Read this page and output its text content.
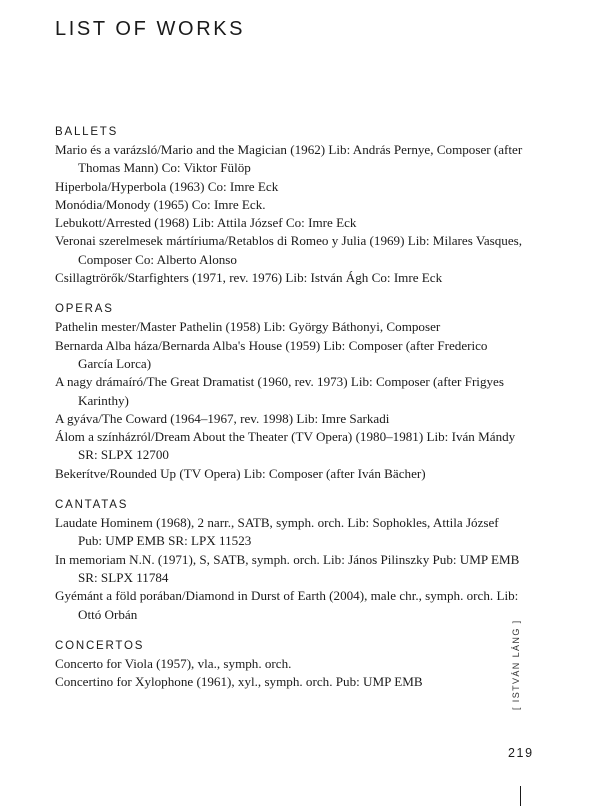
LIST OF WORKS
BALLETS

Mario és a varázsló/Mario and the Magician (1962) Lib: András Pernye, Composer (after Thomas Mann) Co: Viktor Fülöp

Hiperbola/Hyperbola (1963) Co: Imre Eck

Monódia/Monody (1965) Co: Imre Eck.

Lebukott/Arrested (1968) Lib: Attila József Co: Imre Eck

Veronai szerelmesek mártíriuma/Retablos di Romeo y Julia (1969) Lib: Milares Vasques, Composer Co: Alberto Alonso

Csillagtrörők/Starfighters (1971, rev. 1976) Lib: István Ágh Co: Imre Eck

OPERAS

Pathelin mester/Master Pathelin (1958) Lib: György Báthonyi, Composer

Bernarda Alba háza/Bernarda Alba's House (1959) Lib: Composer (after Frederico García Lorca)

A nagy drámaíró/The Great Dramatist (1960, rev. 1973) Lib: Composer (after Frigyes Karinthy)

A gyáva/The Coward (1964–1967, rev. 1998) Lib: Imre Sarkadi

Álom a színházról/Dream About the Theater (TV Opera) (1980–1981) Lib: Iván Mándy SR: SLPX 12700

Bekerítve/Rounded Up (TV Opera) Lib: Composer (after Iván Bächer)

CANTATAS

Laudate Hominem (1968), 2 narr., SATB, symph. orch. Lib: Sophokles, Attila József Pub: UMP EMB SR: LPX 11523

In memoriam N.N. (1971), S, SATB, symph. orch. Lib: János Pilinszky Pub: UMP EMB SR: SLPX 11784

Gyémánt a föld porában/Diamond in Durst of Earth (2004), male chr., symph. orch. Lib: Ottó Orbán

CONCERTOS

Concerto for Viola (1957), vla., symph. orch.

Concertino for Xylophone (1961), xyl., symph. orch. Pub: UMP EMB	[ ISTVÁN LÁNG ]
219
